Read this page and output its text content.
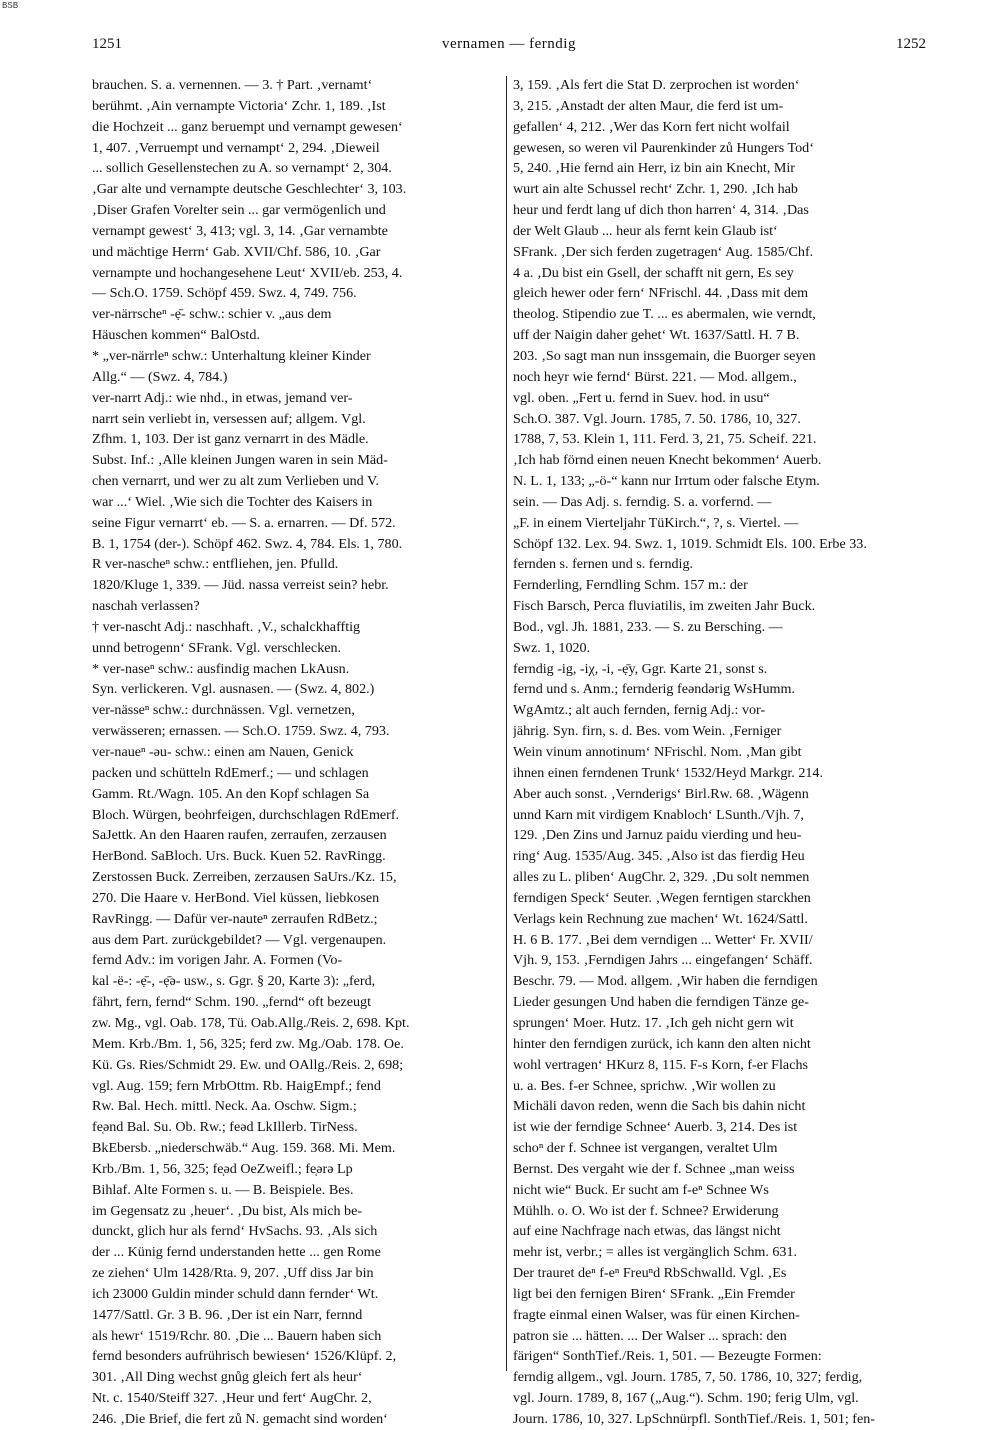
BSB
1251	vernamen — ferndig	1252

brauchen. S. a. vernennen. — 3. † Part. ‚vernamt‘

berühmt. ‚Ain vernampte Victoria‘ Zchr. 1, 189. ‚Ist

die Hochzeit ... ganz beruempt und vernampt gewesen‘

1, 407. ‚Verruempt und vernampt‘ 2, 294. ‚Dieweil

... sollich Gesellenstechen zu A. so vernampt‘ 2, 304.

‚Gar alte und vernampte deutsche Geschlechter‘ 3, 103.

‚Diser Grafen Vorelter sein ... gar vermögenlich und

vernampt gewest‘ 3, 413; vgl. 3, 14. ‚Gar vernambte

und mächtige Herrn‘ Gab. XVII/Chf. 586, 10. ‚Gar

vernampte und hochangesehene Leut‘ XVII/eb. 253, 4.

— Sch.O. 1759. Schöpf 459. Swz. 4, 749. 756.

ver-närrscheⁿ -ẹ̄- schw.: schier v. „aus dem

Häuschen kommen“ BalOstd.

* „ver-närrleⁿ schw.: Unterhaltung kleiner Kinder

Allg.“ — (Swz. 4, 784.)

ver-narrt Adj.: wie nhd., in etwas, jemand ver-

narrt sein verliebt in, versessen auf; allgem. Vgl.

Zfhm. 1, 103. Der ist ganz vernarrt in des Mädle.

Subst. Inf.: ‚Alle kleinen Jungen waren in sein Mäd-

chen vernarrt, und wer zu alt zum Verlieben und V.

war ...‘ Wiel. ‚Wie sich die Tochter des Kaisers in

seine Figur vernarrt‘ eb. — S. a. ernarren. — Df. 572.

B. 1, 1754 (der-). Schöpf 462. Swz. 4, 784. Els. 1, 780.

R ver-nascheⁿ schw.: entfliehen, jen. Pfulld.

1820/Kluge 1, 339. — Jüd. nassa verreist sein? hebr.

naschah verlassen?

† ver-nascht Adj.: naschhaft. ‚V., schalckhafftig

unnd betrogenn‘ SFrank. Vgl. verschlecken.

* ver-naseⁿ schw.: ausfindig machen LkAusn.

Syn. verlickeren. Vgl. ausnasen. — (Swz. 4, 802.)

ver-nässeⁿ schw.: durchnässen. Vgl. vernetzen,

verwässeren; ernassen. — Sch.O. 1759. Swz. 4, 793.

ver-naueⁿ -əu- schw.: einen am Nauen, Genick

packen und schütteln RdEmerf.; — und schlagen

Gamm. Rt./Wagn. 105. An den Kopf schlagen Sa

Bloch. Würgen, beohrfeigen, durchschlagen RdEmerf.

SaJettk. An den Haaren raufen, zerraufen, zerzausen

HerBond. SaBloch. Urs. Buck. Kuen 52. RavRingg.

Zerstossen Buck. Zerreiben, zerzausen SaUrs./Kz. 15,

270. Die Haare v. HerBond. Viel küssen, liebkosen

RavRingg. — Dafür ver-nauteⁿ zerraufen RdBetz.;

aus dem Part. zurückgebildet? — Vgl. vergenaupen.

fernd Adv.: im vorigen Jahr. A. Formen (Vo-

kal -ë-: -ẹ̄-, -ẹ̄ə- usw., s. Ggr. § 20, Karte 3): „ferd,

fährt, fern, fernd“ Schm. 190. „fernd“ oft bezeugt

zw. Mg., vgl. Oab. 178, Tü. Oab.Allg./Reis. 2, 698. Kpt.

Mem. Krb./Bm. 1, 56, 325; ferd zw. Mg./Oab. 178. Oe.

Kü. Gs. Ries/Schmidt 29. Ew. und OAllg./Reis. 2, 698;

vgl. Aug. 159; fern MrbOttm. Rb. HaigEmpf.; fend

Rw. Bal. Hech. mittl. Neck. Aa. Oschw. Sigm.;

fe̜ənd Bal. Su. Ob. Rw.; feəd LkIllerb. TirNess.

BkEbersb. „niederschwäb.“ Aug. 159. 368. Mi. Mem.

Krb./Bm. 1, 56, 325; fe̜əd OeZweifl.; fe̜ərə Lp

Bihlaf. Alte Formen s. u. — B. Beispiele. Bes.

im Gegensatz zu ‚heuer‘. ‚Du bist, Als mich be-

dunckt, glich hur als fernd‘ HvSachs. 93. ‚Als sich

der ... Künig fernd understanden hette ... gen Rome

ze ziehen‘ Ulm 1428/Rta. 9, 207. ‚Uff diss Jar bin

ich 23000 Guldin minder schuld dann fernder‘ Wt.

1477/Sattl. Gr. 3 B. 96. ‚Der ist ein Narr, fernnd

als hewr‘ 1519/Rchr. 80. ‚Die ... Bauern haben sich

fernd besonders aufrührisch bewiesen‘ 1526/Klüpf. 2,

301. ‚All Ding wechst gnůg gleich fert als heur‘

Nt. c. 1540/Steiff 327. ‚Heur und fert‘ AugChr. 2,

246. ‚Die Brief, die fert zů N. gemacht sind worden‘

3, 159. ‚Als fert die Stat D. zerprochen ist worden‘

3, 215. ‚Anstadt der alten Maur, die ferd ist um-

gefallen‘ 4, 212. ‚Wer das Korn fert nicht wolfail

gewesen, so weren vil Paurenkinder zů Hungers Tod‘

5, 240. ‚Hie fernd ain Herr, iz bin ain Knecht, Mir

wurt ain alte Schussel recht‘ Zchr. 1, 290. ‚Ich hab

heur und ferdt lang uf dich thon harren‘ 4, 314. ‚Das

der Welt Glaub ... heur als fernt kein Glaub ist‘

SFrank. ‚Der sich ferden zugetragen‘ Aug. 1585/Chf.

4 a. ‚Du bist ein Gsell, der schafft nit gern, Es sey

gleich hewer oder fern‘ NFrischl. 44. ‚Dass mit dem

theolog. Stipendio zue T. ... es abermalen, wie verndt,

uff der Naigin daher gehet‘ Wt. 1637/Sattl. H. 7 B.

203. ‚So sagt man nun inssgemain, die Buorger seyen

noch heyr wie fernd‘ Bürst. 221. — Mod. allgem.,

vgl. oben. „Fert u. fernd in Suev. hod. in usu“

Sch.O. 387. Vgl. Journ. 1785, 7. 50. 1786, 10, 327.

1788, 7, 53. Klein 1, 111. Ferd. 3, 21, 75. Scheif. 221.

‚Ich hab förnd einen neuen Knecht bekommen‘ Auerb.

N. L. 1, 133; „-ö-“ kann nur Irrtum oder falsche Etym.

sein. — Das Adj. s. ferndig. S. a. vorfernd. —

„F. in einem Vierteljahr TüKirch.“, ?, s. Viertel. —

Schöpf 132. Lex. 94. Swz. 1, 1019. Schmidt Els. 100. Erbe 33.

fernden s. fernen und s. ferndig.

Fernderling, Ferndling Schm. 157 m.: der

Fisch Barsch, Perca fluviatilis, im zweiten Jahr Buck.

Bod., vgl. Jh. 1881, 233. — S. zu Bersching. —

Swz. 1, 1020.

ferndig -ig, -iχ, -i, -ẹ̄y, Ggr. Karte 21, sonst s.

fernd und s. Anm.; fernderig feəndərig WsHumm.

WgAmtz.; alt auch fernden, fernig Adj.: vor-

jährig. Syn. firn, s. d. Bes. vom Wein. ‚Ferniger

Wein vinum annotinum‘ NFrischl. Nom. ‚Man gibt

ihnen einen ferndenen Trunk‘ 1532/Heyd Markgr. 214.

Aber auch sonst. ‚Vernderigs‘ Birl.Rw. 68. ‚Wägenn

unnd Karn mit virdigem Knabloch‘ LSunth./Vjh. 7,

129. ‚Den Zins und Jarnuz paidu vierding und heu-

ring‘ Aug. 1535/Aug. 345. ‚Also ist das fierdig Heu

alles zu L. pliben‘ AugChr. 2, 329. ‚Du solt nemmen

ferndigen Speck‘ Seuter. ‚Wegen ferntigen starckhen

Verlags kein Rechnung zue machen‘ Wt. 1624/Sattl.

H. 6 B. 177. ‚Bei dem verndigen ... Wetter‘ Fr. XVII/

Vjh. 9, 153. ‚Ferndigen Jahrs ... eingefangen‘ Schäff.

Beschr. 79. — Mod. allgem. ‚Wir haben die ferndigen

Lieder gesungen Und haben die ferndigen Tänze ge-

sprungen‘ Moer. Hutz. 17. ‚Ich geh nicht gern wit

hinter den ferndigen zurück, ich kann den alten nicht

wohl vertragen‘ HKurz 8, 115. F-s Korn, f-er Flachs

u. a. Bes. f-er Schnee, sprichw. ‚Wir wollen zu

Michäli davon reden, wenn die Sach bis dahin nicht

ist wie der ferndige Schnee‘ Auerb. 3, 214. Des ist

schoⁿ der f. Schnee ist vergangen, veraltet Ulm

Bernst. Des vergaht wie der f. Schnee „man weiss

nicht wie“ Buck. Er sucht am f-eⁿ Schnee Ws

Mühlh. o. O. Wo ist der f. Schnee? Erwiderung

auf eine Nachfrage nach etwas, das längst nicht

mehr ist, verbr.; = alles ist vergänglich Schm. 631.

Der trauret deⁿ f-eⁿ Freuⁿd RbSchwalld. Vgl. ‚Es

ligt bei den fernigen Biren‘ SFrank. „Ein Fremder

fragte einmal einen Walser, was für einen Kirchen-

patron sie ... hätten. ... Der Walser ... sprach: den

färigen“ SonthTief./Reis. 1, 501. — Bezeugte Formen:

ferndig allgem., vgl. Journ. 1785, 7, 50. 1786, 10, 327; ferdig,

vgl. Journ. 1789, 8, 167 („Aug.“). Schm. 190; ferig Ulm, vgl.

Journ. 1786, 10, 327. LpSchnürpfl. SonthTief./Reis. 1, 501; fen-
